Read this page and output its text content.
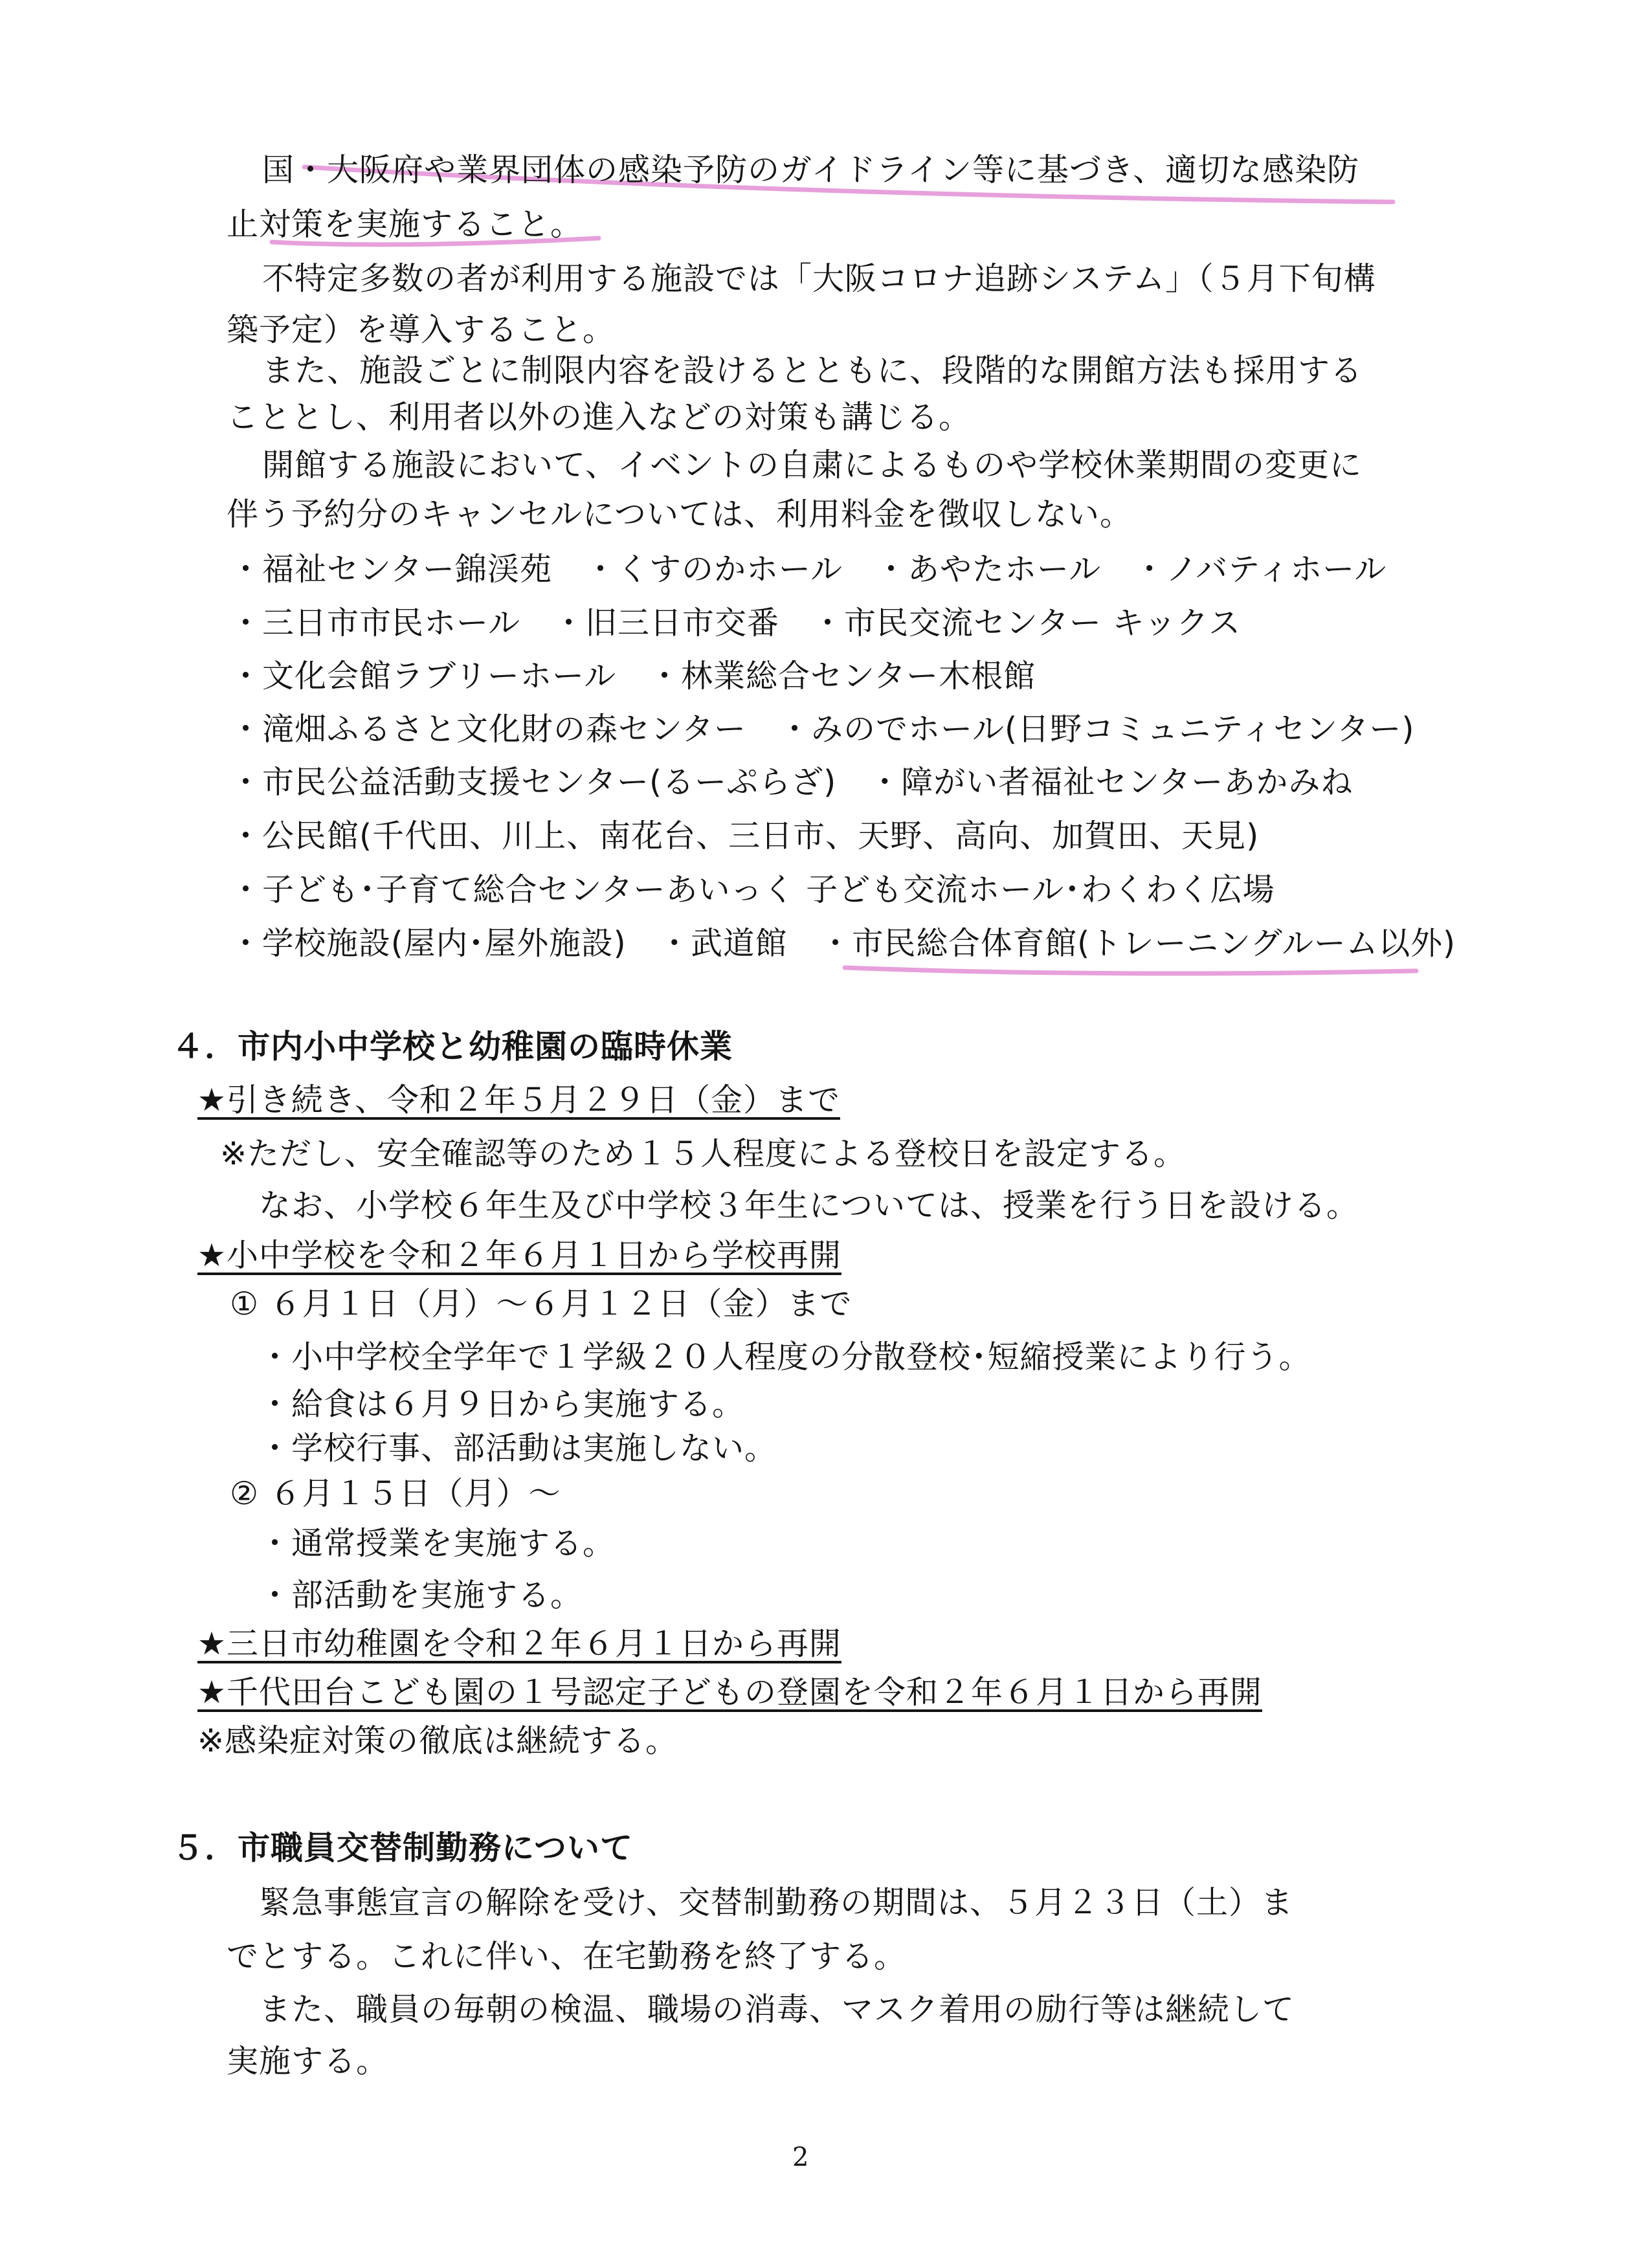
国・大阪府や業界団体の感染予防のガイドライン等に基づき、適切な感染防
止対策を実施すること。
不特定多数の者が利用する施設では「大阪コロナ追跡システム」（５月下旬構
築予定）を導入すること。
また、施設ごとに制限内容を設けるとともに、段階的な開館方法も採用する
こととし、利用者以外の進入などの対策も講じる。
開館する施設において、イベントの自粛によるものや学校休業期間の変更に
伴う予約分のキャンセルについては、利用料金を徴収しない。
・福祉センター錦渓苑　・くすのかホール　・あやたホール　・ノバティホール
・三日市市民ホール　・旧三日市交番　・市民交流センター キックス
・文化会館ラブリーホール　・林業総合センター木根館
・滝畑ふるさと文化財の森センター　・みのでホール(日野コミュニティセンター)
・市民公益活動支援センター(るーぷらざ)　・障がい者福祉センターあかみね
・公民館(千代田、川上、南花台、三日市、天野、高向、加賀田、天見)
・子ども･子育て総合センターあいっく 子ども交流ホール･わくわく広場
・学校施設(屋内･屋外施設)　・武道館　・市民総合体育館(トレーニングルーム以外)
４．市内小中学校と幼稚園の臨時休業
★引き続き、令和２年５月２９日（金）まで
※ただし、安全確認等のため１５人程度による登校日を設定する。
なお、小学校６年生及び中学校３年生については、授業を行う日を設ける。
★小中学校を令和２年６月１日から学校再開
① ６月１日（月）～６月１２日（金）まで
・小中学校全学年で１学級２０人程度の分散登校･短縮授業により行う。
・給食は６月９日から実施する。
・学校行事、部活動は実施しない。
② ６月１５日（月）～
・通常授業を実施する。
・部活動を実施する。
★三日市幼稚園を令和２年６月１日から再開
★千代田台こども園の１号認定子どもの登園を令和２年６月１日から再開
※感染症対策の徹底は継続する。
５．市職員交替制勤務について
緊急事態宣言の解除を受け、交替制勤務の期間は、５月２３日（土）ま
でとする。これに伴い、在宅勤務を終了する。
また、職員の毎朝の検温、職場の消毒、マスク着用の励行等は継続して
実施する。
2
